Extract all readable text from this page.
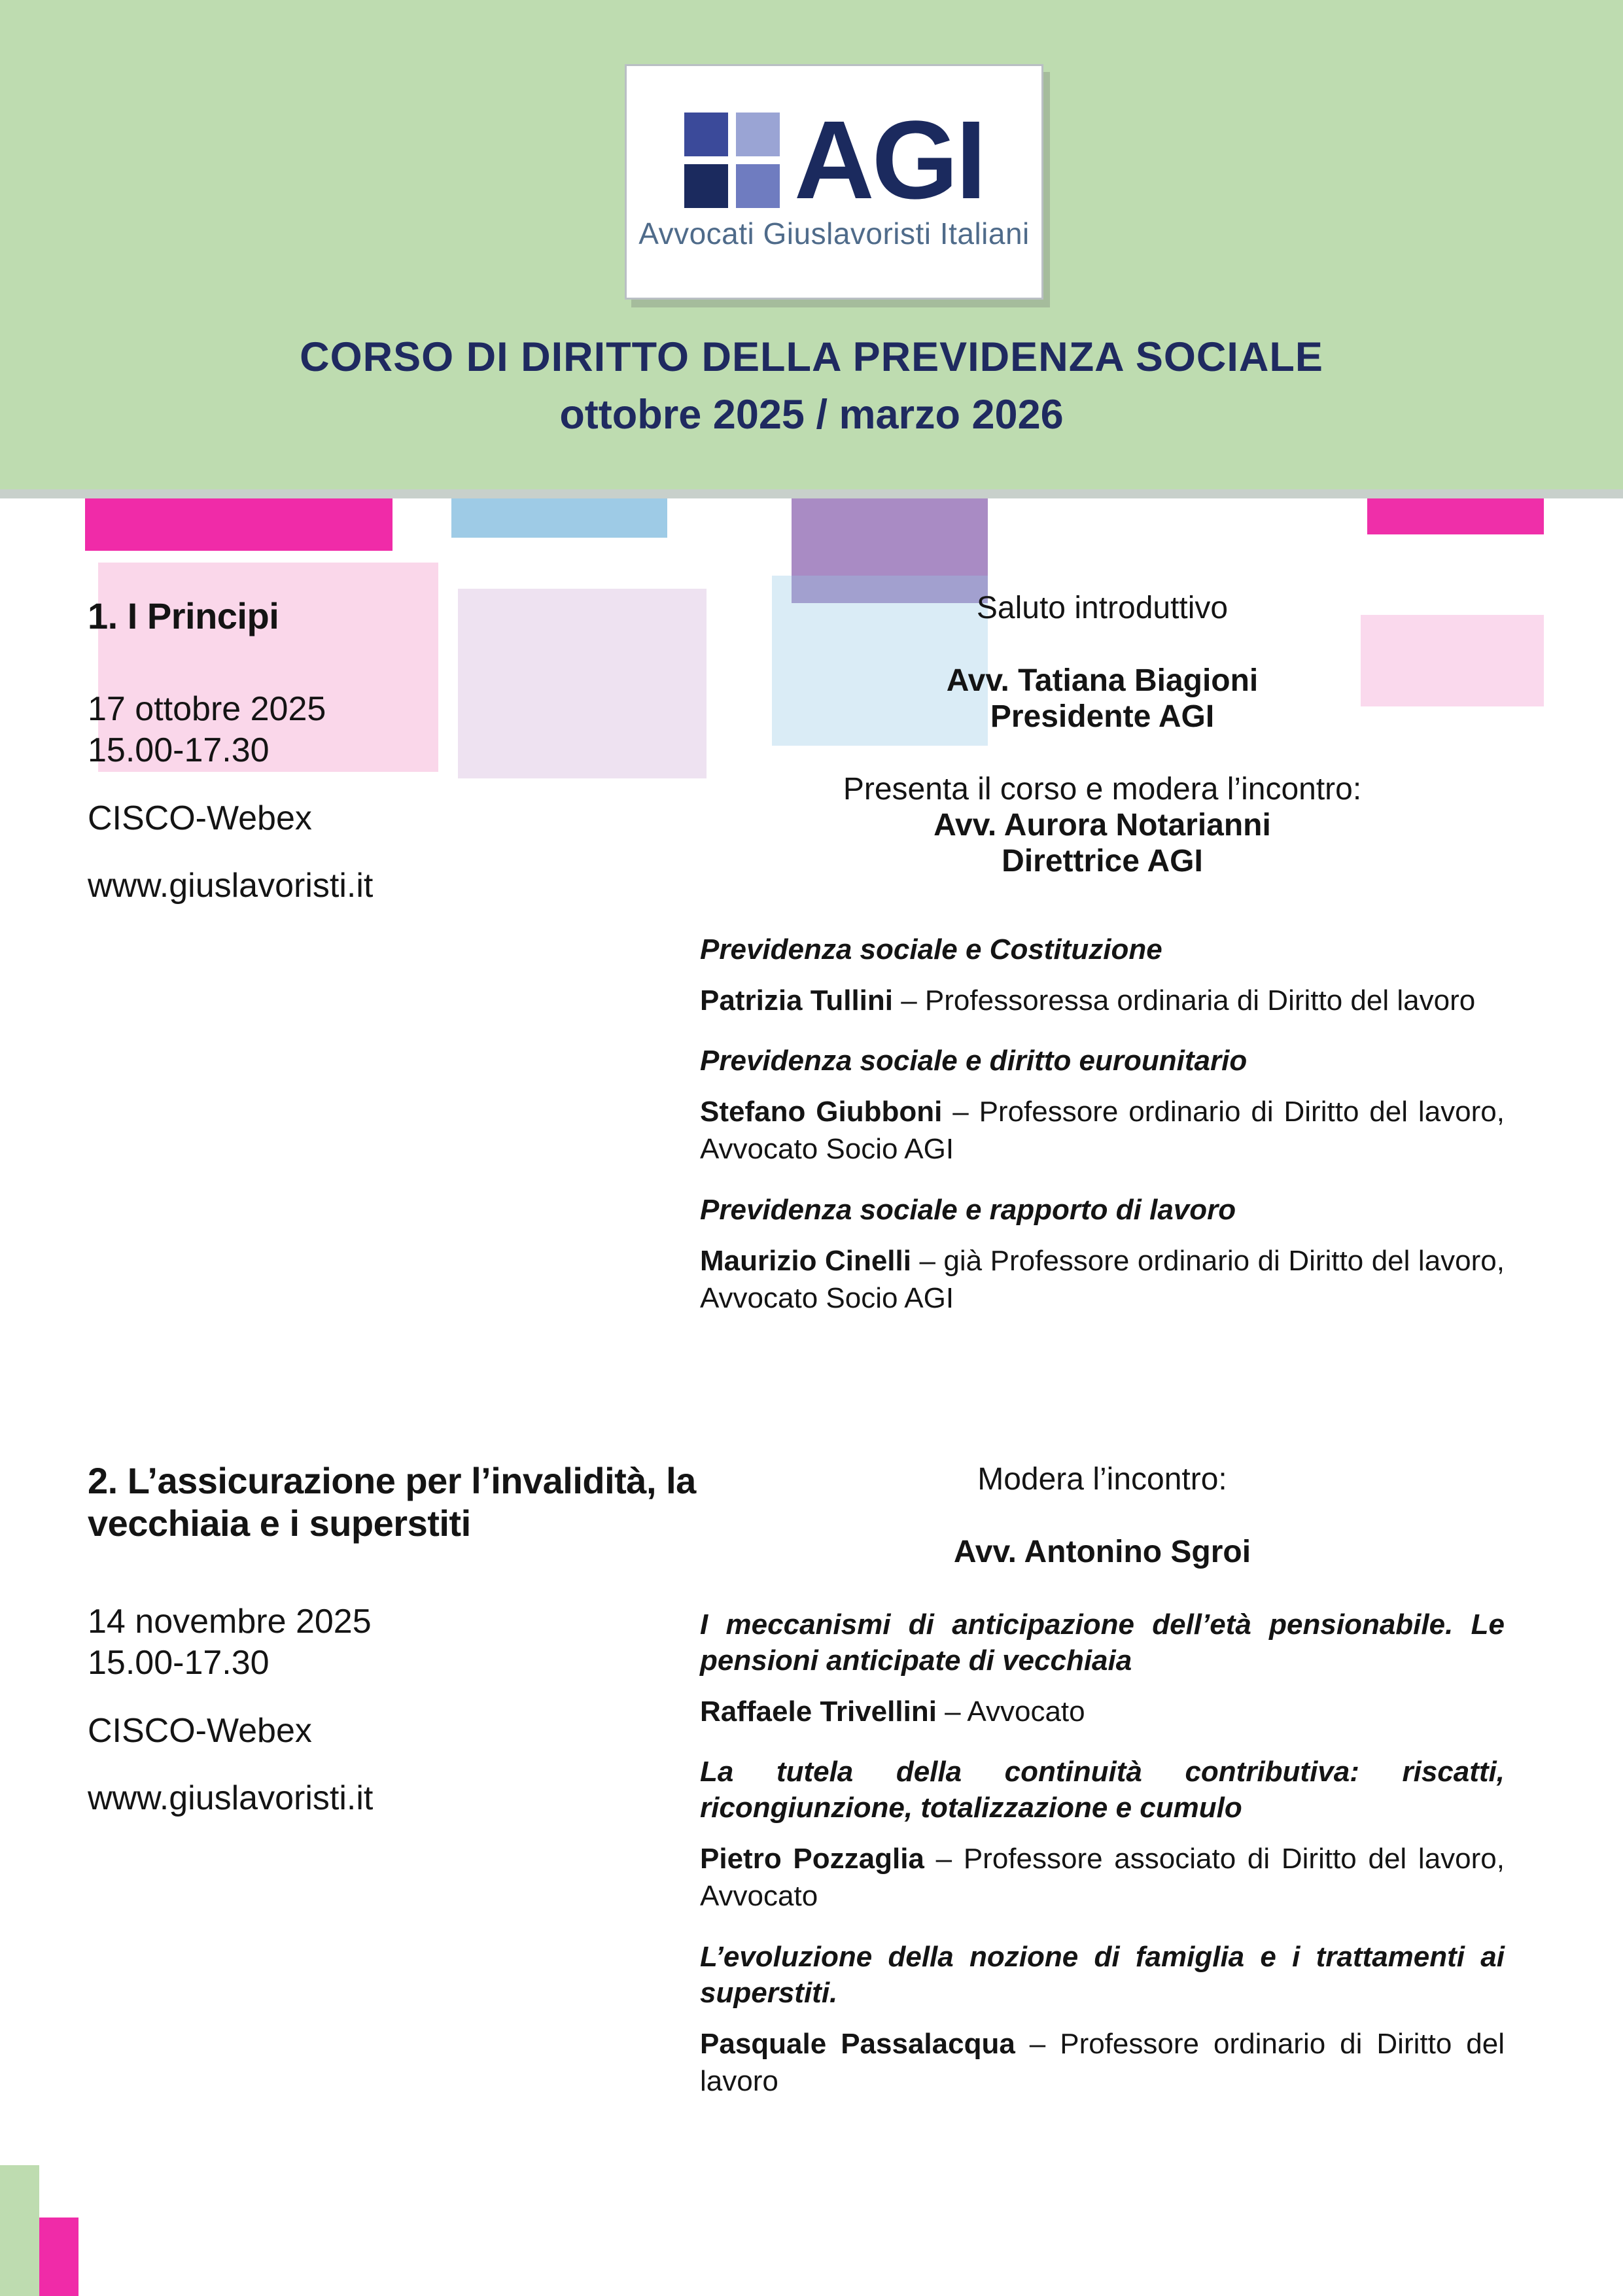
AGI
Avvocati Giuslavoristi Italiani
CORSO DI DIRITTO DELLA PREVIDENZA SOCIALE
ottobre 2025 / marzo 2026
1. I Principi
17 ottobre 2025
15.00-17.30
CISCO-Webex
www.giuslavoristi.it
Saluto introduttivo
Avv. Tatiana Biagioni
Presidente AGI
Presenta il corso e modera l’incontro:
Avv. Aurora Notarianni
Direttrice AGI
Previdenza sociale e Costituzione
Patrizia Tullini – Professoressa ordinaria di Diritto del lavoro
Previdenza sociale e diritto eurounitario
Stefano Giubboni – Professore ordinario di Diritto del lavoro, Avvocato Socio AGI
Previdenza sociale e rapporto di lavoro
Maurizio Cinelli – già Professore ordinario di Diritto del lavoro, Avvocato Socio AGI
2. L’assicurazione per l’invalidità, la vecchiaia e i superstiti
14 novembre 2025
15.00-17.30
CISCO-Webex
www.giuslavoristi.it
Modera l’incontro:
Avv. Antonino Sgroi
I meccanismi di anticipazione dell’età pensionabile. Le pensioni anticipate di vecchiaia
Raffaele Trivellini – Avvocato
La tutela della continuità contributiva: riscatti, ricongiunzione, totalizzazione e cumulo
Pietro Pozzaglia – Professore associato di Diritto del lavoro, Avvocato
L’evoluzione della nozione di famiglia e i trattamenti ai superstiti.
Pasquale Passalacqua – Professore ordinario di Diritto del lavoro
